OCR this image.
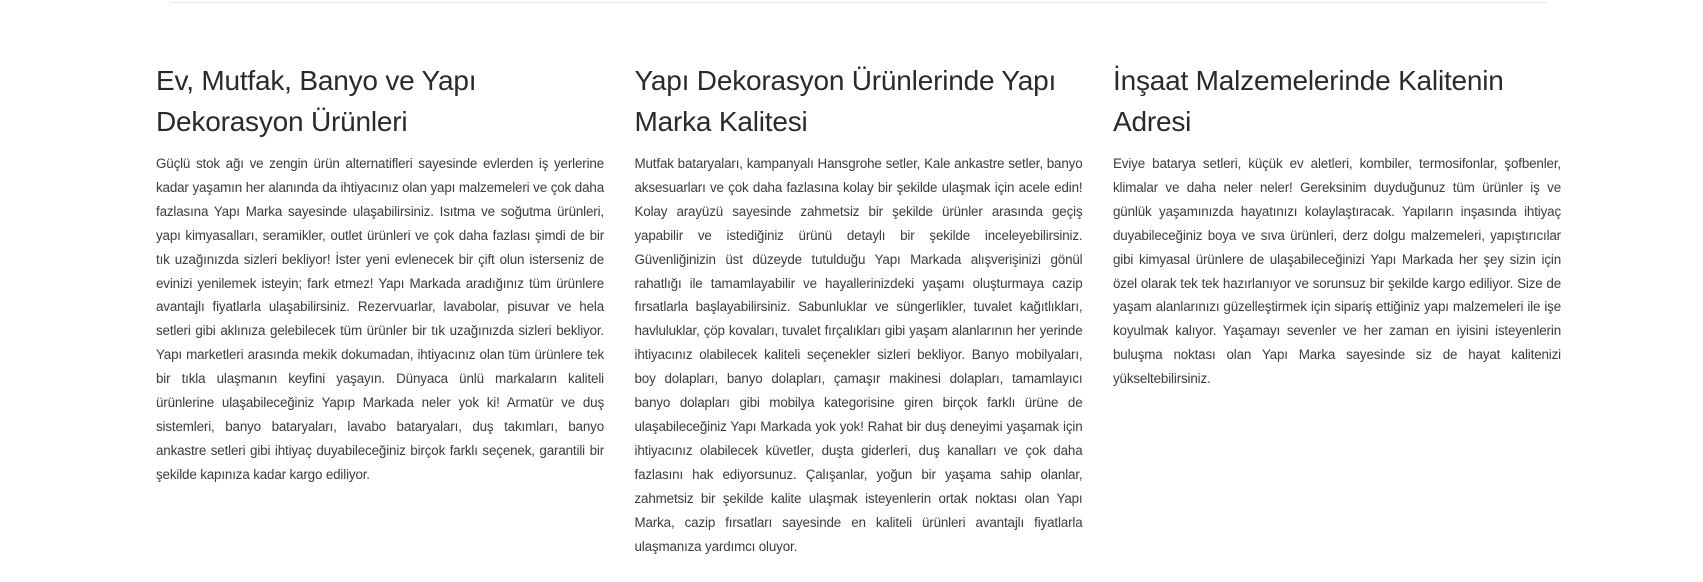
Ev, Mutfak, Banyo ve Yapı Dekorasyon Ürünleri

Güçlü stok ağı ve zengin ürün alternatifleri sayesinde evlerden iş yerlerine kadar yaşamın her alanında da ihtiyacınız olan yapı malzemeleri ve çok daha fazlasına Yapı Marka sayesinde ulaşabilirsiniz. Isıtma ve soğutma ürünleri, yapı kimyasalları, seramikler, outlet ürünleri ve çok daha fazlası şimdi de bir tık uzağınızda sizleri bekliyor! İster yeni evlenecek bir çift olun isterseniz de evinizi yenilemek isteyin; fark etmez! Yapı Markada aradığınız tüm ürünlere avantajlı fiyatlarla ulaşabilirsiniz. Rezervuarlar, lavabolar, pisuvar ve hela setleri gibi aklınıza gelebilecek tüm ürünler bir tık uzağınızda sizleri bekliyor. Yapı marketleri arasında mekik dokumadan, ihtiyacınız olan tüm ürünlere tek bir tıkla ulaşmanın keyfini yaşayın. Dünyaca ünlü markaların kaliteli ürünlerine ulaşabileceğiniz Yapıp Markada neler yok ki! Armatür ve duş sistemleri, banyo bataryaları, lavabo bataryaları, duş takımları, banyo ankastre setleri gibi ihtiyaç duyabileceğiniz birçok farklı seçenek, garantili bir şekilde kapınıza kadar kargo ediliyor.

Yapı Dekorasyon Ürünlerinde Yapı Marka Kalitesi

Mutfak bataryaları, kampanyalı Hansgrohe setler, Kale ankastre setler, banyo aksesuarları ve çok daha fazlasına kolay bir şekilde ulaşmak için acele edin! Kolay arayüzü sayesinde zahmetsiz bir şekilde ürünler arasında geçiş yapabilir ve istediğiniz ürünü detaylı bir şekilde inceleyebilirsiniz. Güvenliğinizin üst düzeyde tutulduğu Yapı Markada alışverişinizi gönül rahatlığı ile tamamlayabilir ve hayallerinizdeki yaşamı oluşturmaya cazip fırsatlarla başlayabilirsiniz. Sabunluklar ve süngerlikler, tuvalet kağıtlıkları, havluluklar, çöp kovaları, tuvalet fırçalıkları gibi yaşam alanlarının her yerinde ihtiyacınız olabilecek kaliteli seçenekler sizleri bekliyor. Banyo mobilyaları, boy dolapları, banyo dolapları, çamaşır makinesi dolapları, tamamlayıcı banyo dolapları gibi mobilya kategorisine giren birçok farklı ürüne de ulaşabileceğiniz Yapı Markada yok yok! Rahat bir duş deneyimi yaşamak için ihtiyacınız olabilecek küvetler, duşta giderleri, duş kanalları ve çok daha fazlasını hak ediyorsunuz. Çalışanlar, yoğun bir yaşama sahip olanlar, zahmetsiz bir şekilde kalite ulaşmak isteyenlerin ortak noktası olan Yapı Marka, cazip fırsatları sayesinde en kaliteli ürünleri avantajlı fiyatlarla ulaşmanıza yardımcı oluyor.

İnşaat Malzemelerinde Kalitenin Adresi

Eviye batarya setleri, küçük ev aletleri, kombiler, termosifonlar, şofbenler, klimalar ve daha neler neler! Gereksinim duyduğunuz tüm ürünler iş ve günlük yaşamınızda hayatınızı kolaylaştıracak. Yapıların inşasında ihtiyaç duyabileceğiniz boya ve sıva ürünleri, derz dolgu malzemeleri, yapıştırıcılar gibi kimyasal ürünlere de ulaşabileceğinizi Yapı Markada her şey sizin için özel olarak tek tek hazırlanıyor ve sorunsuz bir şekilde kargo ediliyor. Size de yaşam alanlarınızı güzelleştirmek için sipariş ettiğiniz yapı malzemeleri ile işe koyulmak kalıyor. Yaşamayı sevenler ve her zaman en iyisini isteyenlerin buluşma noktası olan Yapı Marka sayesinde siz de hayat kalitenizi yükseltebilirsiniz.
